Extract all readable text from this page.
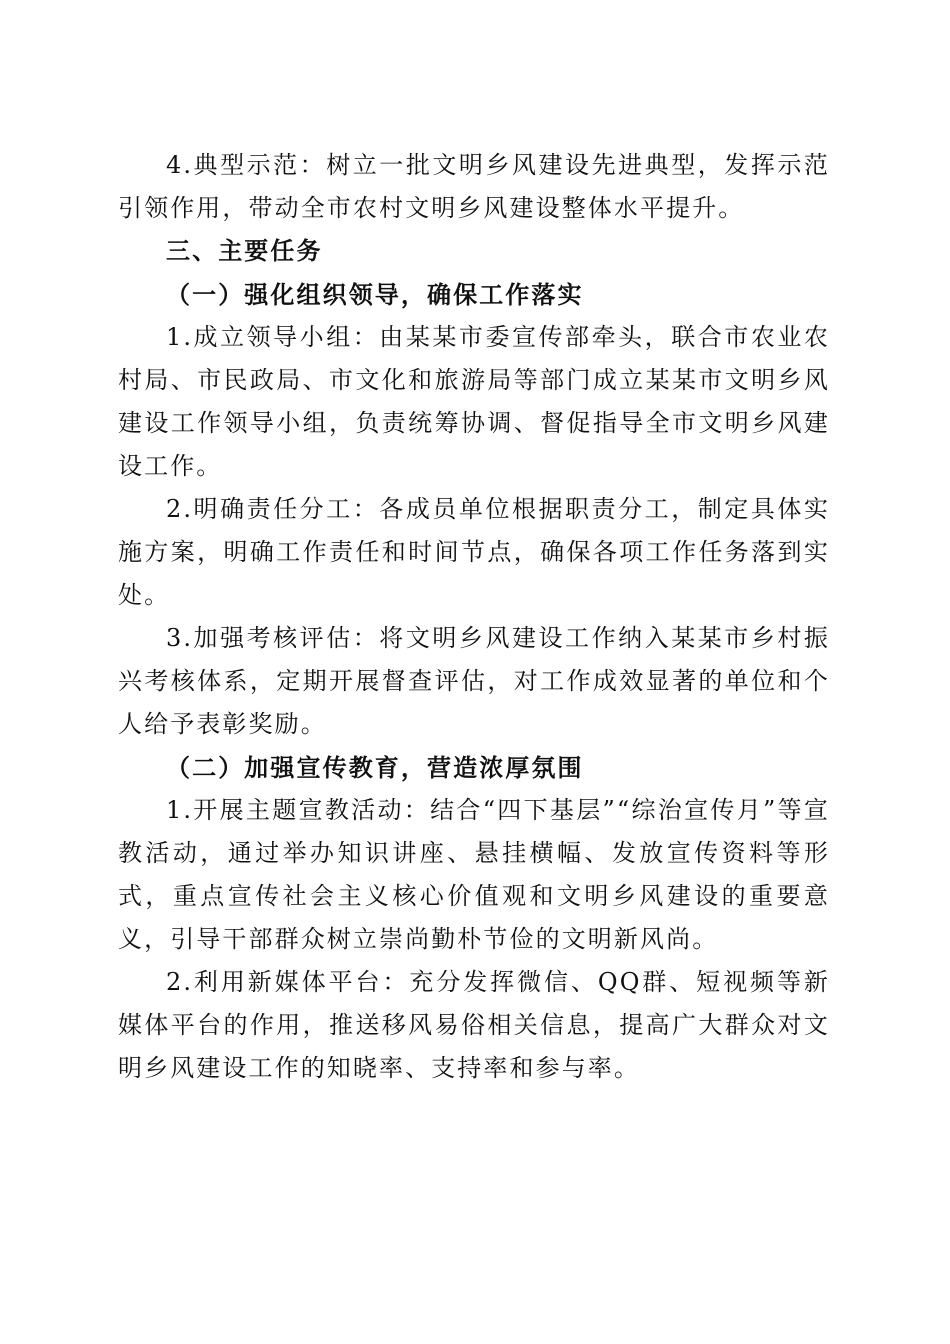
4.典型示范：树立一批文明乡风建设先进典型，发挥示范引领作用，带动全市农村文明乡风建设整体水平提升。

三、主要任务

（一）强化组织领导，确保工作落实

1.成立领导小组：由某某市委宣传部牵头，联合市农业农村局、市民政局、市文化和旅游局等部门成立某某市文明乡风建设工作领导小组，负责统筹协调、督促指导全市文明乡风建设工作。

2.明确责任分工：各成员单位根据职责分工，制定具体实施方案，明确工作责任和时间节点，确保各项工作任务落到实处。

3.加强考核评估：将文明乡风建设工作纳入某某市乡村振兴考核体系，定期开展督查评估，对工作成效显著的单位和个人给予表彰奖励。

（二）加强宣传教育，营造浓厚氛围

1.开展主题宣教活动：结合“四下基层”“综治宣传月”等宣教活动，通过举办知识讲座、悬挂横幅、发放宣传资料等形式，重点宣传社会主义核心价值观和文明乡风建设的重要意义，引导干部群众树立崇尚勤朴节俭的文明新风尚。

2.利用新媒体平台：充分发挥微信、QQ群、短视频等新媒体平台的作用，推送移风易俗相关信息，提高广大群众对文明乡风建设工作的知晓率、支持率和参与率。
